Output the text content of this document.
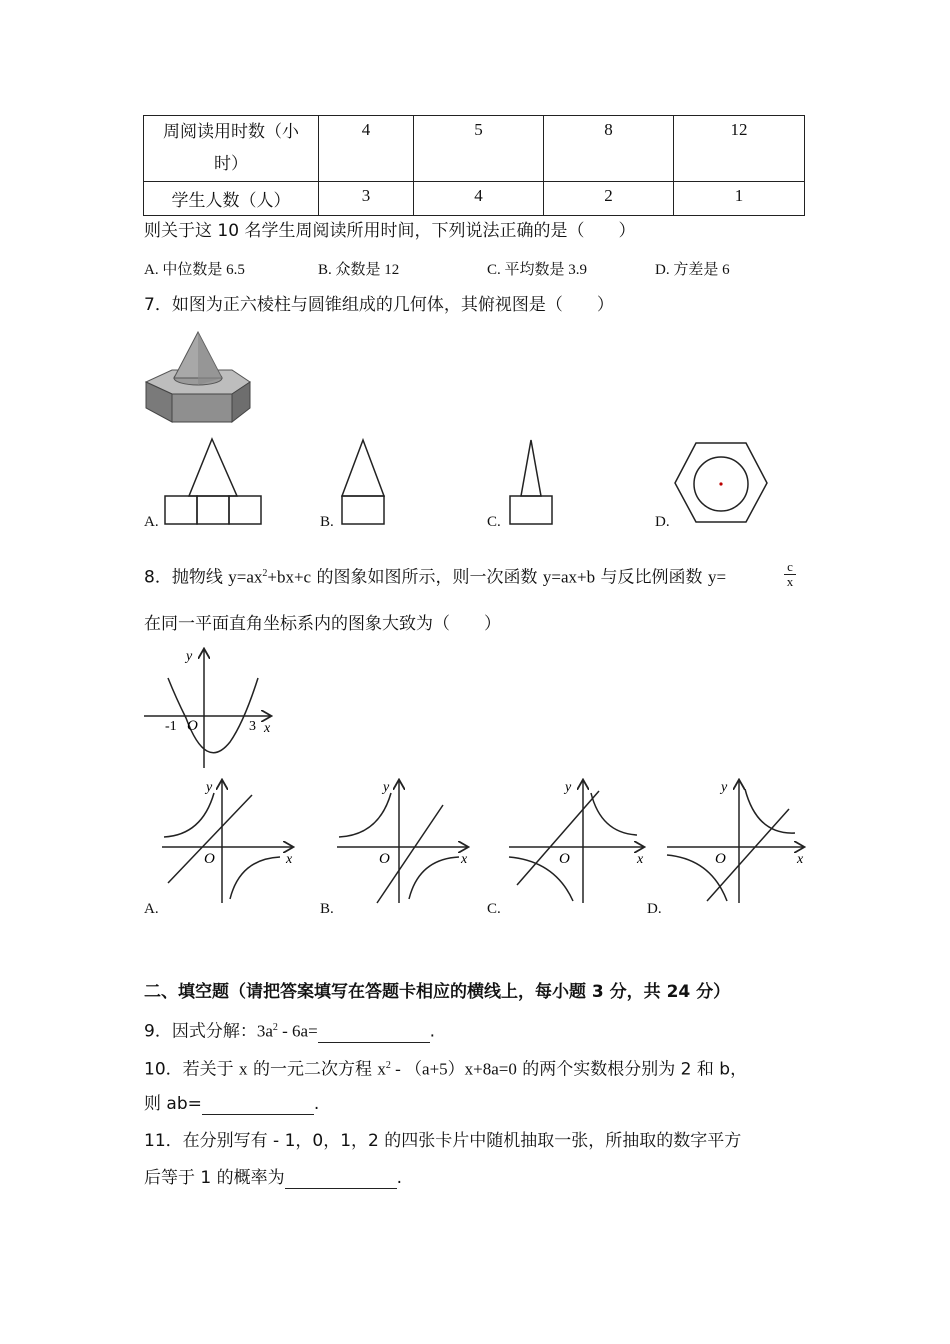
周阅读用时数（小
时）	4	5	8	12
学生人数（人）	3	4	2	1
则关于这 10 名学生周阅读所用时间，下列说法正确的是（　　）
A. 中位数是 6.5	B. 众数是 12	C. 平均数是 3.9	D. 方差是 6
7．如图为正六棱柱与圆锥组成的几何体，其俯视图是（　　）
A.	B.	C.	D.
8．抛物线 $y=ax^2+bx+c$ 的图象如图所示，则一次函数 y=ax+b 与反比例函数 y=
c
x
在同一平面直角坐标系内的图象大致为（　　）
y
x
O
-1	3
y
x
O
y
x
O
y
x
O
y
x
O
A.	B.	C.	D.
二、填空题（请把答案填写在答题卡相应的横线上，每小题 3 分，共 24 分）
9．因式分解：$3a^2 - 6a=$	.
10．若关于 x 的一元二次方程 $x^2 - (a+5)x+8a=0$ 的两个实数根分别为 2 和 b，
则 ab=	.
11．在分别写有 - 1，0，1，2 的四张卡片中随机抽取一张，所抽取的数字平方
后等于 1 的概率为	.
